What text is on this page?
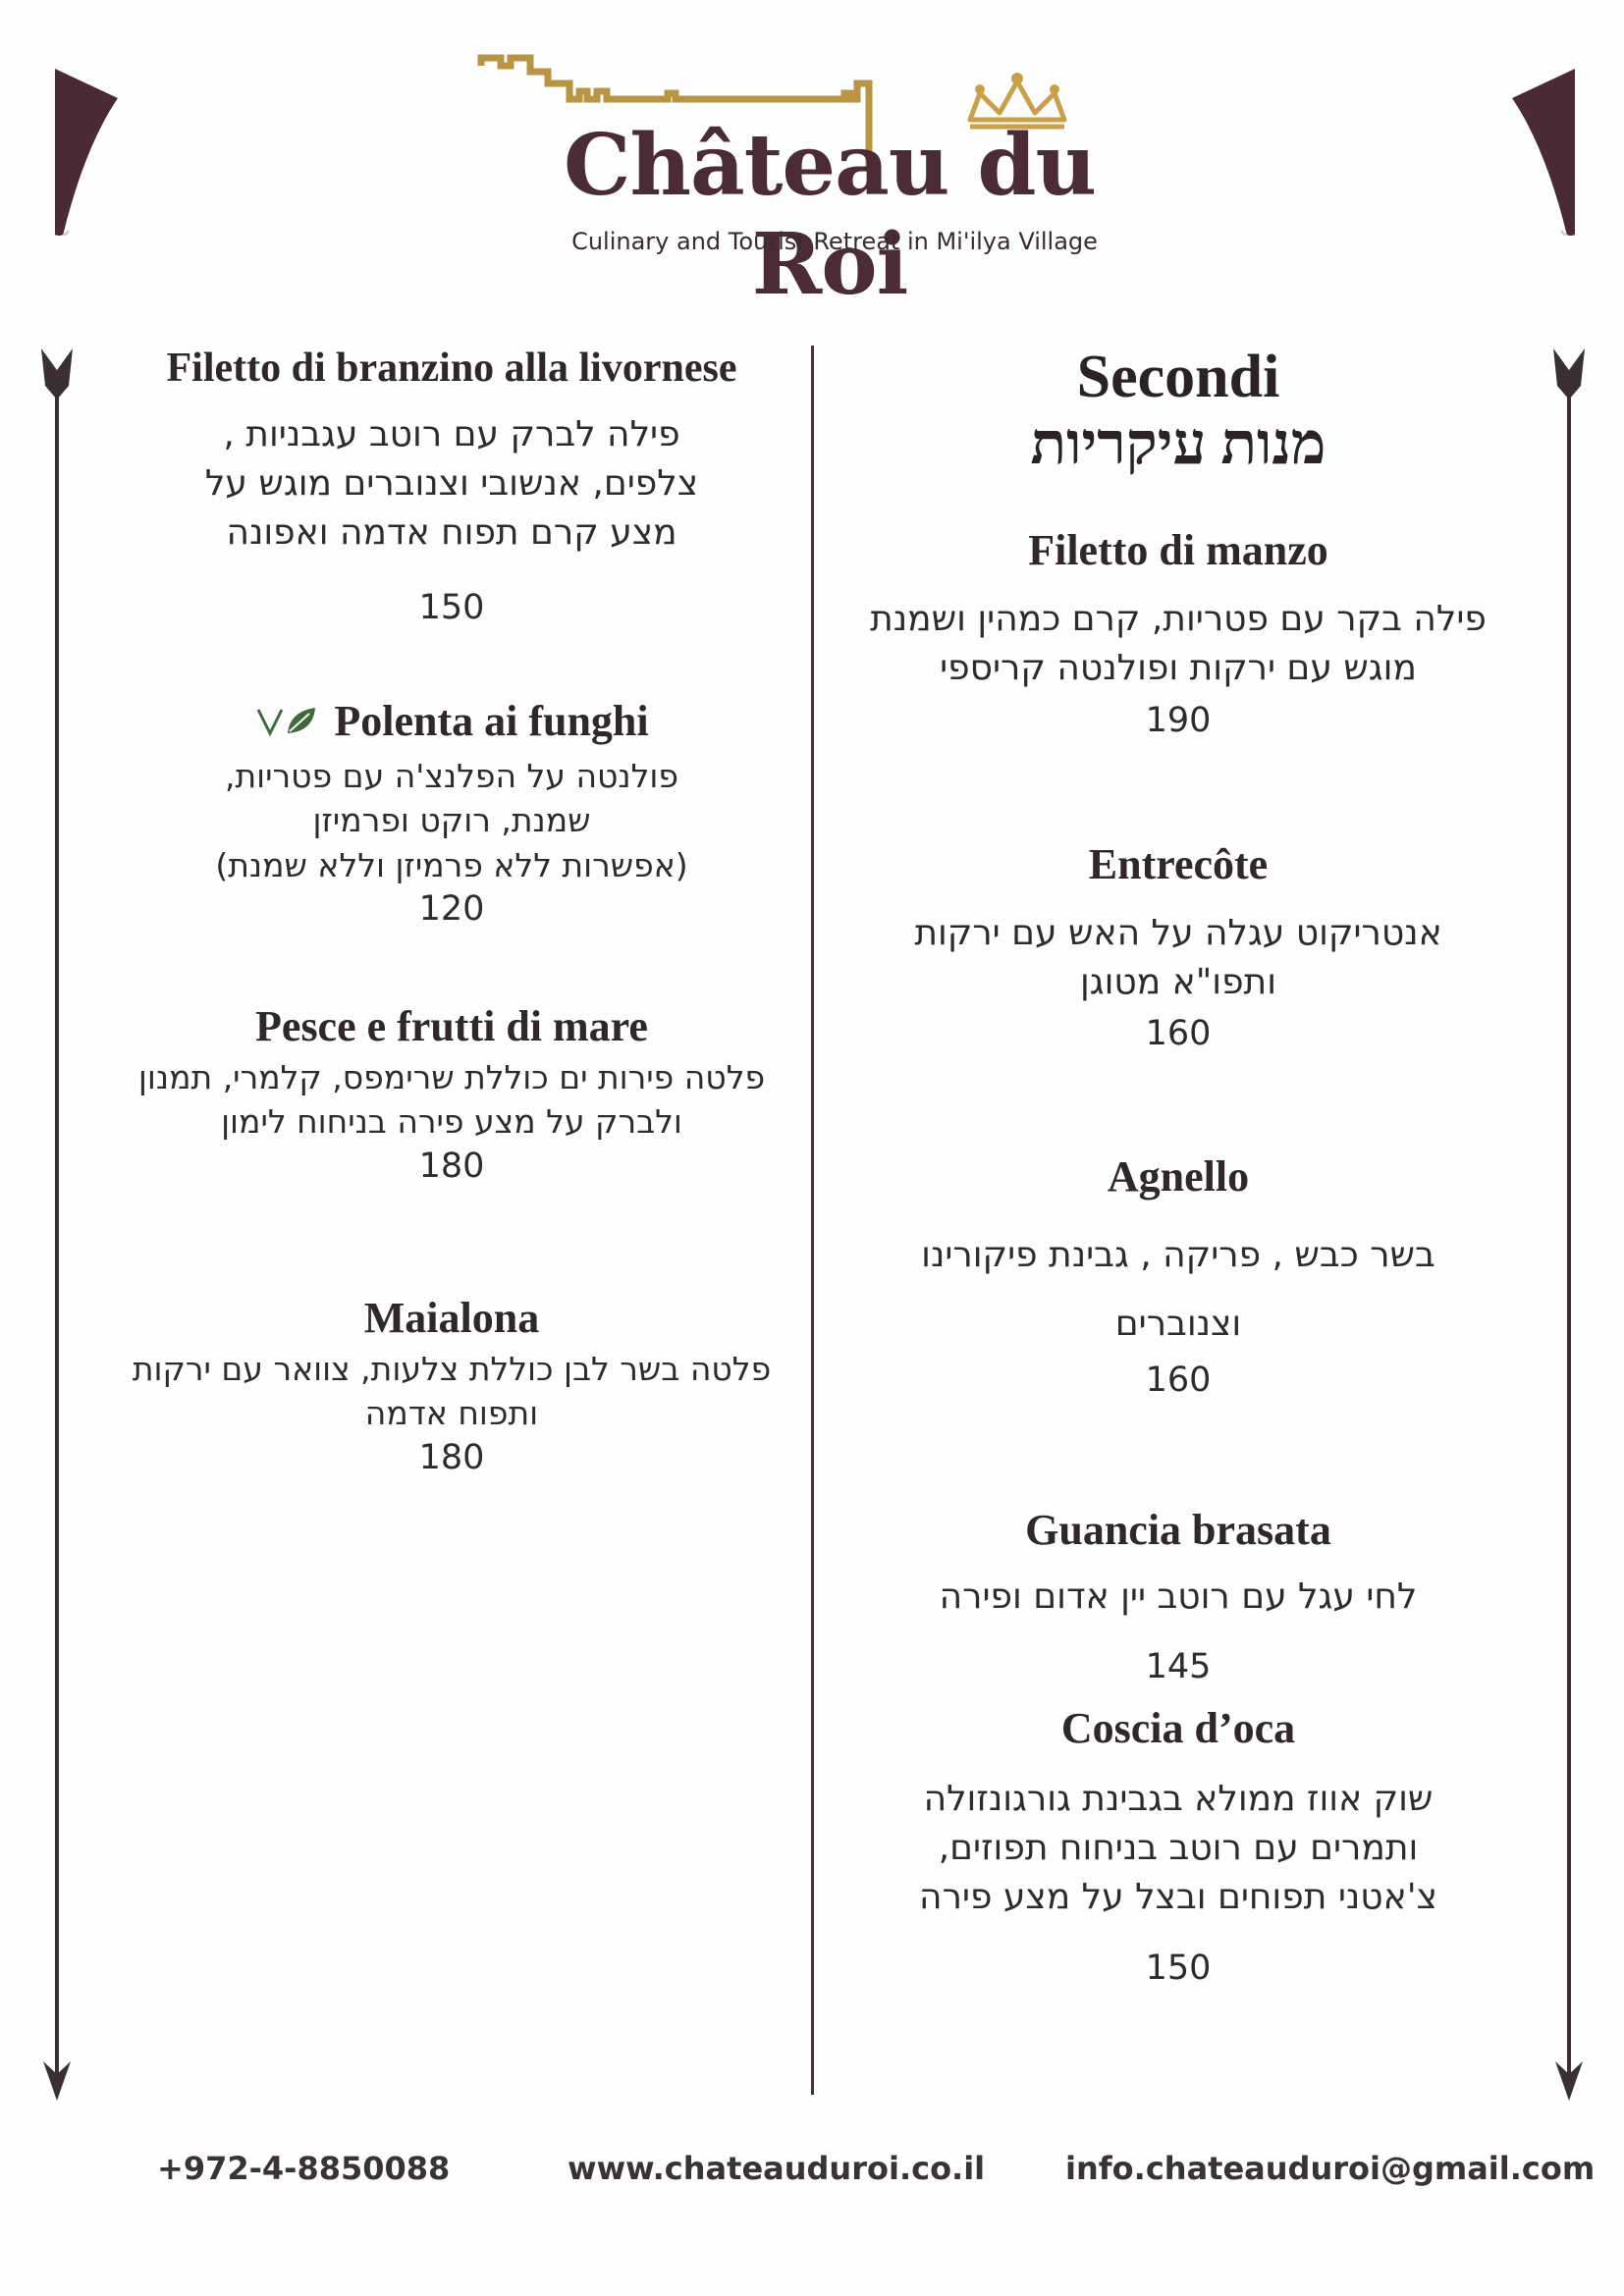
Château du Roi
Culinary and Tourist Retreat in Mi'ilya Village
Secondi
מנות עיקריות
Filetto di manzo
פילה בקר עם פטריות, קרם כמהין ושמנת מוגש עם ירקות ופולנטה קריספי
190
Entrecôte
אנטריקוט עגלה על האש עם ירקות ותפו"א מטוגן
160
Agnello
בשר כבש , פריקה , גבינת פיקורינו וצנוברים
160
Guancia brasata
לחי עגל עם רוטב יין אדום ופירה
145
Coscia d’oca
שוק אווז ממולא בגבינת גורגונזולה ותמרים עם רוטב בניחוח תפוזים, צ'אטני תפוחים ובצל על מצע פירה
150
Filetto di branzino alla livornese
פילה לברק עם רוטב עגבניות , צלפים, אנשובי וצנוברים מוגש על מצע קרם תפוח אדמה ואפונה
150
Polenta ai funghi
פולנטה על הפלנצ'ה עם פטריות, שמנת, רוקט ופרמיזן
(אפשרות ללא פרמיזן וללא שמנת)
120
Pesce e frutti di mare
פלטה פירות ים כוללת שרימפס, קלמרי, תמנון ולברק על מצע פירה בניחוח לימון
180
Maialona
פלטה בשר לבן כוללת צלעות, צוואר עם ירקות ותפוח אדמה
180
+972-4-8850088	www.chateauduroi.co.il	info.chateauduroi@gmail.com
